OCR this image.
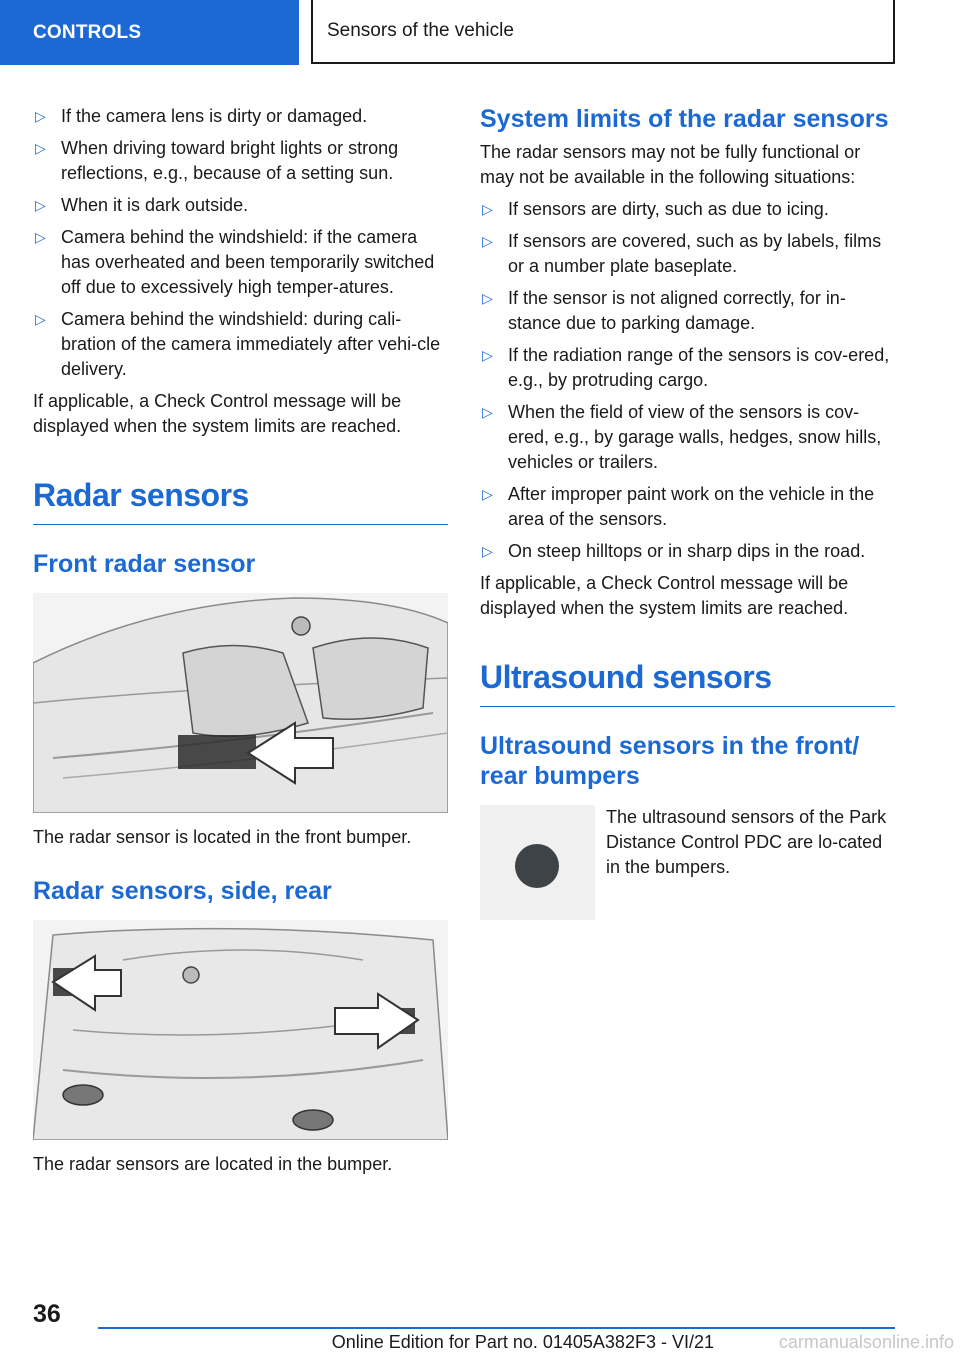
CONTROLS	Sensors of the vehicle
▷ If the camera lens is dirty or damaged.
▷ When driving toward bright lights or strong reflections, e.g., because of a setting sun.
▷ When it is dark outside.
▷ Camera behind the windshield: if the camera has overheated and been temporarily switched off due to excessively high temper‐atures.
▷ Camera behind the windshield: during cali‐bration of the camera immediately after vehi‐cle delivery.

If applicable, a Check Control message will be displayed when the system limits are reached.

Radar sensors
Front radar sensor

The radar sensor is located in the front bumper.

Radar sensors, side, rear

The radar sensors are located in the bumper.

System limits of the radar sensors

The radar sensors may not be fully functional or may not be available in the following situations:

▷ If sensors are dirty, such as due to icing.
▷ If sensors are covered, such as by labels, films or a number plate baseplate.
▷ If the sensor is not aligned correctly, for in‐stance due to parking damage.
▷ If the radiation range of the sensors is cov‐ered, e.g., by protruding cargo.
▷ When the field of view of the sensors is cov‐ered, e.g., by garage walls, hedges, snow hills, vehicles or trailers.
▷ After improper paint work on the vehicle in the area of the sensors.
▷ On steep hilltops or in sharp dips in the road.

If applicable, a Check Control message will be displayed when the system limits are reached.

Ultrasound sensors
Ultrasound sensors in the front/ rear bumpers

The ultrasound sensors of the Park Distance Control PDC are lo‐cated in the bumpers.

36
Online Edition for Part no. 01405A382F3 - VI/21	carmanualsonline.info
